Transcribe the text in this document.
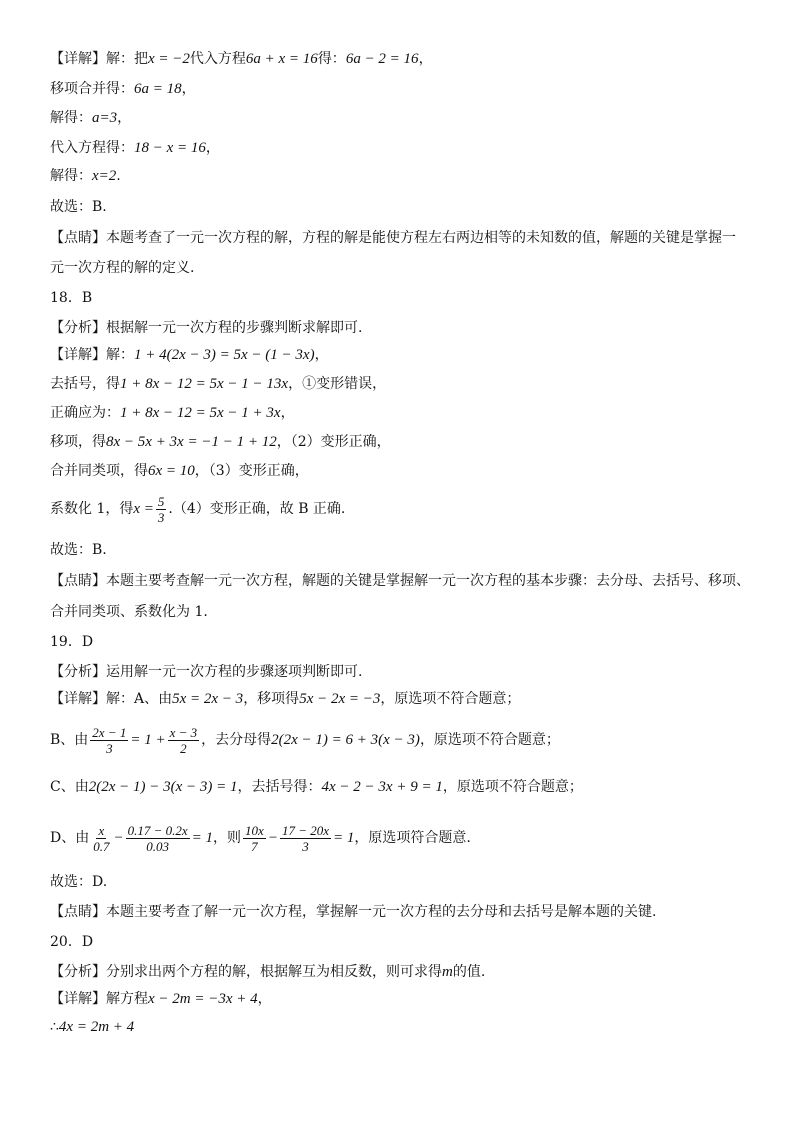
【详解】解：把x = −2代入方程6a + x = 16得：6a − 2 = 16，
移项合并得：6a = 18，
解得：a=3，
代入方程得：18 − x = 16，
解得：x=2.
故选：B.
【点睛】本题考查了一元一次方程的解，方程的解是能使方程左右两边相等的未知数的值，解题的关键是掌握一
元一次方程的解的定义.
18．B
【分析】根据解一元一次方程的步骤判断求解即可.
【详解】解：1 + 4(2x − 3) = 5x − (1 − 3x)，
去括号，得1 + 8x − 12 = 5x − 1 − 13x，①变形错误，
正确应为：1 + 8x − 12 = 5x − 1 + 3x，
移项，得8x − 5x + 3x = −1 − 1 + 12，（2）变形正确，
合并同类项，得6x = 10，（3）变形正确，
系数化 1，得$x = \frac{5}{3} .(4)$变形正确，故 B 正确.
故选：B.
【点睛】本题主要考查解一元一次方程，解题的关键是掌握解一元一次方程的基本步骤：去分母、去括号、移项、
合并同类项、系数化为 1.
19．D
【分析】运用解一元一次方程的步骤逐项判断即可.
【详解】解：A、由5x = 2x − 3，移项得5x − 2x = −3，原选项不符合题意；
B、由 $\frac{2x - 1}{3} = 1 + \frac{x - 3}{2}$ ，去分母得2(2x − 1) = 6 + 3(x − 3)，原选项不符合题意；
C、由2(2x − 1) − 3(x − 3) = 1，去括号得：4x − 2 − 3x + 9 = 1，原选项不符合题意；
D、由 $\frac{x}{0.7} - \frac{0.17 - 0.2x}{0.03} = 1$，则 $\frac{10x}{7} - \frac{17 - 20x}{3} = 1$，原选项符合题意.
故选：D.
【点睛】本题主要考查了解一元一次方程，掌握解一元一次方程的去分母和去括号是解本题的关键.
20．D
【分析】分别求出两个方程的解，根据解互为相反数，则可求得m的值.
【详解】解方程x − 2m = −3x + 4，
∴4x = 2m + 4
